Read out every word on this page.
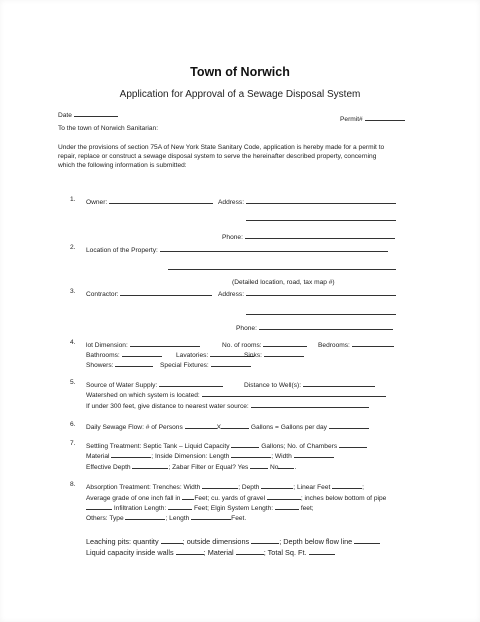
Town of Norwich
Application for Approval of a Sewage Disposal System
Date
Permit#
To the town of Norwich Sanitarian:
Under the provisions of section 75A of New York State Sanitary Code, application is hereby made for a permit to
repair, replace or construct a sewage disposal system to serve the hereinafter described property, concerning
which the following information is submitted:
1. Owner:	Address:
Phone:
2. Location of the Property:
(Detailed location, road, tax map #)
3. Contractor:	Address:
Phone:
4. lot Dimension:	No. of rooms:	Bedrooms:
Bathrooms:	Lavatories:	Sinks:
Showers:	Special Fixtures:
5. Source of Water Supply:	Distance to Well(s):
Watershed on which system is located:
If under 300 feet, give distance to nearest water source:
6. Daily Sewage Flow: # of Persons	X	Gallons = Gallons per day
7. Settling Treatment: Septic Tank – Liquid Capacity	Gallons; No. of Chambers
Material	; Inside Dimension: Length	; Width
Effective Depth	; Zabar Filter or Equal? Yes	No .
8. Absorption Treatment: Trenches: Width	; Depth	; Linear Feet	;
Average grade of one inch fall in Feet; cu. yards of gravel	; inches below bottom of pipe
Infiltration Length:	Feet; Elgin System Length:	feet;
Others: Type	; Length	Feet.
Leaching pits: quantity	; outside dimensions	; Depth below flow line
Liquid capacity inside walls	; Material	; Total Sq. Ft.
